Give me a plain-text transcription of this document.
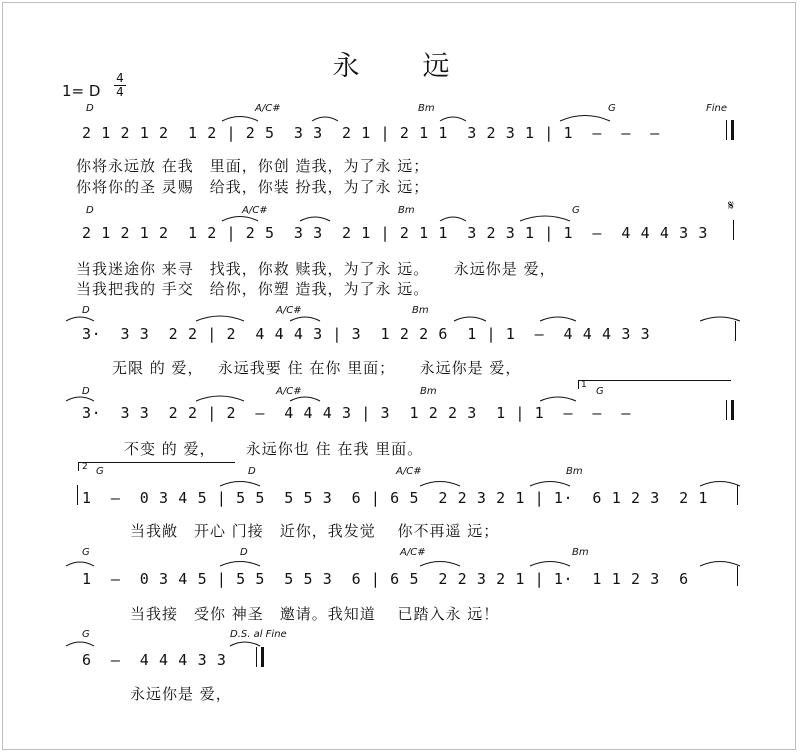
永　远
1= D
4
4
D	A/C#	Bm	G	Fine
2 1 2 1 2  1 2 | 2 5  3 3  2 1 | 2 1 1  3 2 3 1 | 1  –  –  –
你将永远放 在我　里面，你创 造我，为了永 远；
你将你的圣 灵赐　给我，你装 扮我，为了永 远；
D	A/C#	Bm	G	𝄋
2 1 2 1 2  1 2 | 2 5  3 3  2 1 | 2 1 1  3 2 3 1 | 1  –  4 4 4 3 3
当我迷途你 来寻　找我，你救 赎我，为了永 远。　　永远你是 爱，
当我把我的 手交　给你，你塑 造我，为了永 远。
D	A/C#	Bm
3·  3 3  2 2 | 2  4 4 4 3 | 3  1 2 2 6  1 | 1  –  4 4 4 3 3
无限 的 爱，　 永远我要 住 在你 里面；　　永远你是 爱，
D	A/C#	Bm
1
G
3·  3 3  2 2 | 2  –  4 4 4 3 | 3  1 2 2 3  1 | 1  –  –  –
不变 的 爱，　　 永远你也 住 在我 里面。
2 G	D	A/C#	Bm
1  –  0 3 4 5 | 5 5  5 5 3  6 | 6 5  2 2 3 2 1 | 1·  6 1 2 3  2 1
当我敞　开心 门接　近你，我发觉　 你不再遥 远；
G	D	A/C#	Bm
1  –  0 3 4 5 | 5 5  5 5 3  6 | 6 5  2 2 3 2 1 | 1·  1 1 2 3  6
当我接　受你 神圣　邀请。我知道　 已踏入永 远！
G	D.S. al Fine
6  –  4 4 4 3 3
永远你是 爱，
